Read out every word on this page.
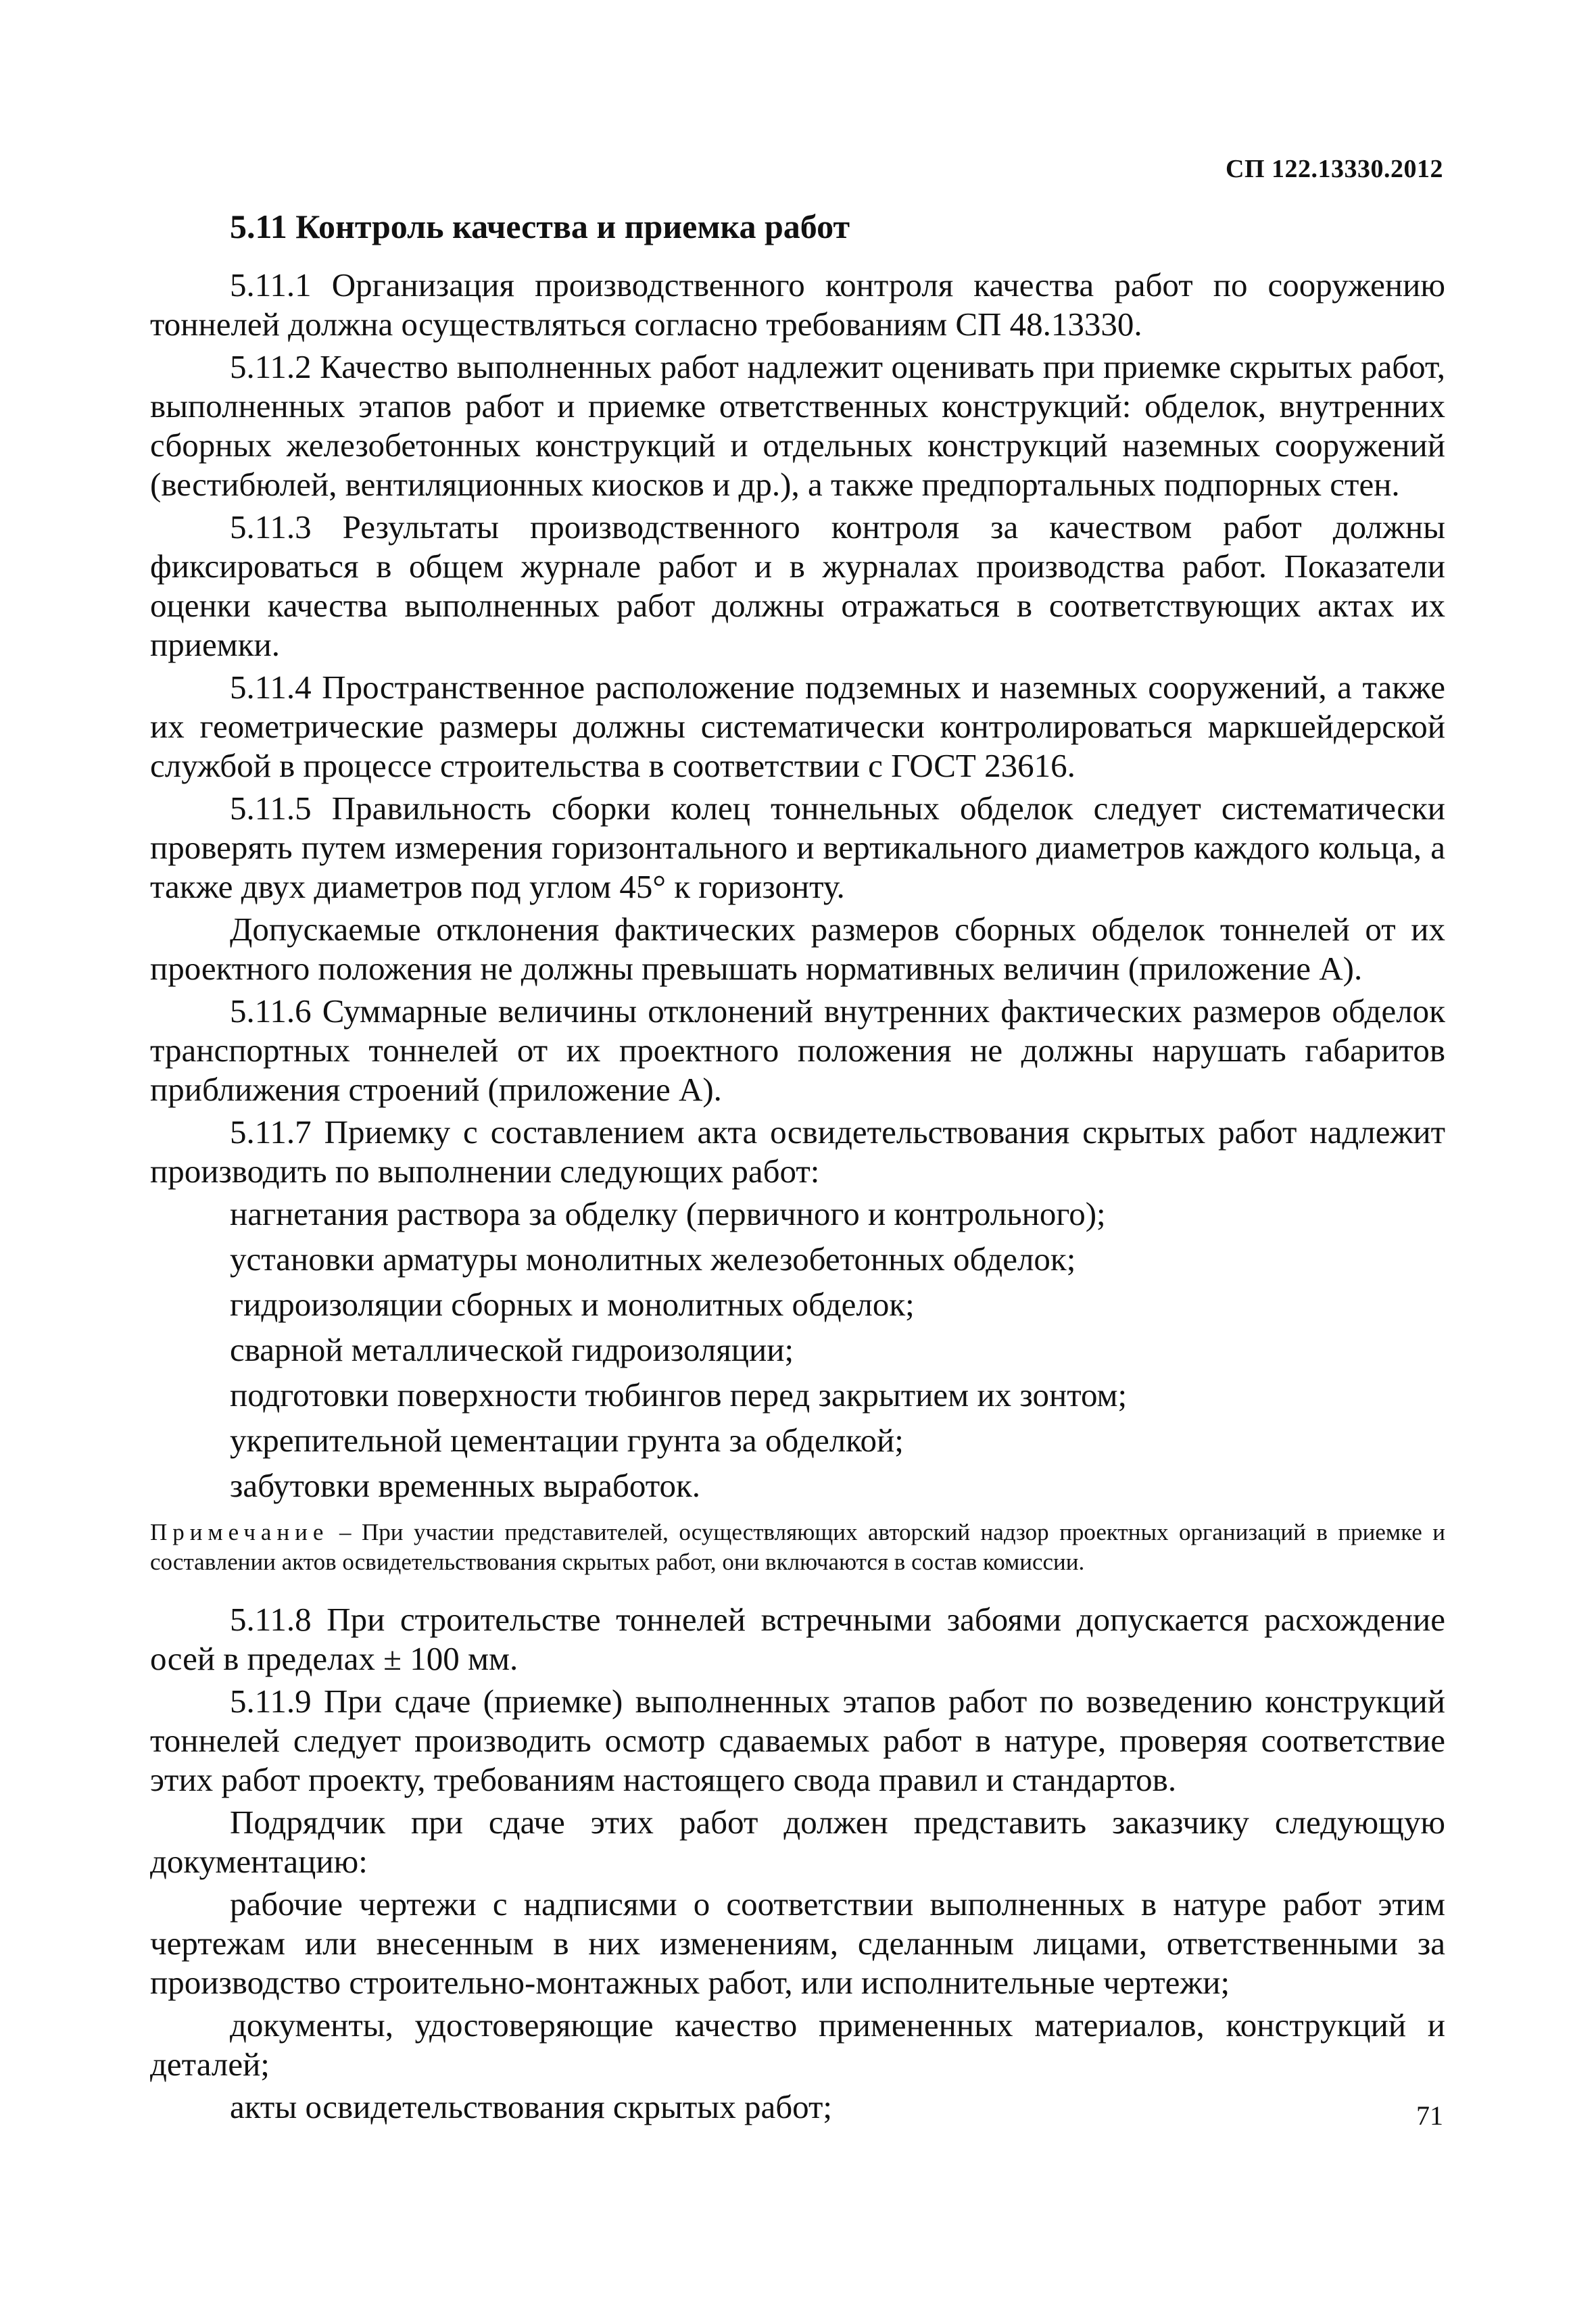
СП 122.13330.2012
5.11 Контроль качества и приемка работ

5.11.1 Организация производственного контроля качества работ по сооружению тоннелей должна осуществляться согласно требованиям СП 48.13330.

5.11.2 Качество выполненных работ надлежит оценивать при приемке скрытых работ, выполненных этапов работ и приемке ответственных конструкций: обделок, внутренних сборных железобетонных конструкций и отдельных конструкций наземных сооружений (вестибюлей, вентиляционных киосков и др.), а также предпортальных подпорных стен.

5.11.3 Результаты производственного контроля за качеством работ должны фиксироваться в общем журнале работ и в журналах производства работ. Показатели оценки качества выполненных работ должны отражаться в соответствующих актах их приемки.

5.11.4 Пространственное расположение подземных и наземных сооружений, а также их геометрические размеры должны систематически контролироваться маркшейдерской службой в процессе строительства в соответствии с ГОСТ 23616.

5.11.5 Правильность сборки колец тоннельных обделок следует систематически проверять путем измерения горизонтального и вертикального диаметров каждого кольца, а также двух диаметров под углом 45° к горизонту.

Допускаемые отклонения фактических размеров сборных обделок тоннелей от их проектного положения не должны превышать нормативных величин (приложение А).

5.11.6 Суммарные величины отклонений внутренних фактических размеров обделок транспортных тоннелей от их проектного положения не должны нарушать габаритов приближения строений (приложение А).

5.11.7 Приемку с составлением акта освидетельствования скрытых работ надлежит производить по выполнении следующих работ:

нагнетания раствора за обделку (первичного и контрольного);

установки арматуры монолитных железобетонных обделок;

гидроизоляции сборных и монолитных обделок;

сварной металлической гидроизоляции;

подготовки поверхности тюбингов перед закрытием их зонтом;

укрепительной цементации грунта за обделкой;

забутовки временных выработок.

Примечание – При участии представителей, осуществляющих авторский надзор проектных организаций в приемке и составлении актов освидетельствования скрытых работ, они включаются в состав комиссии.

5.11.8 При строительстве тоннелей встречными забоями допускается расхождение осей в пределах ± 100 мм.

5.11.9 При сдаче (приемке) выполненных этапов работ по возведению конструкций тоннелей следует производить осмотр сдаваемых работ в натуре, проверяя соответствие этих работ проекту, требованиям настоящего свода правил и стандартов.

Подрядчик при сдаче этих работ должен представить заказчику следующую документацию:

рабочие чертежи с надписями о соответствии выполненных в натуре работ этим чертежам или внесенным в них изменениям, сделанным лицами, ответственными за производство строительно-монтажных работ, или исполнительные чертежи;

документы, удостоверяющие качество примененных материалов, конструкций и деталей;

акты освидетельствования скрытых работ;	71
